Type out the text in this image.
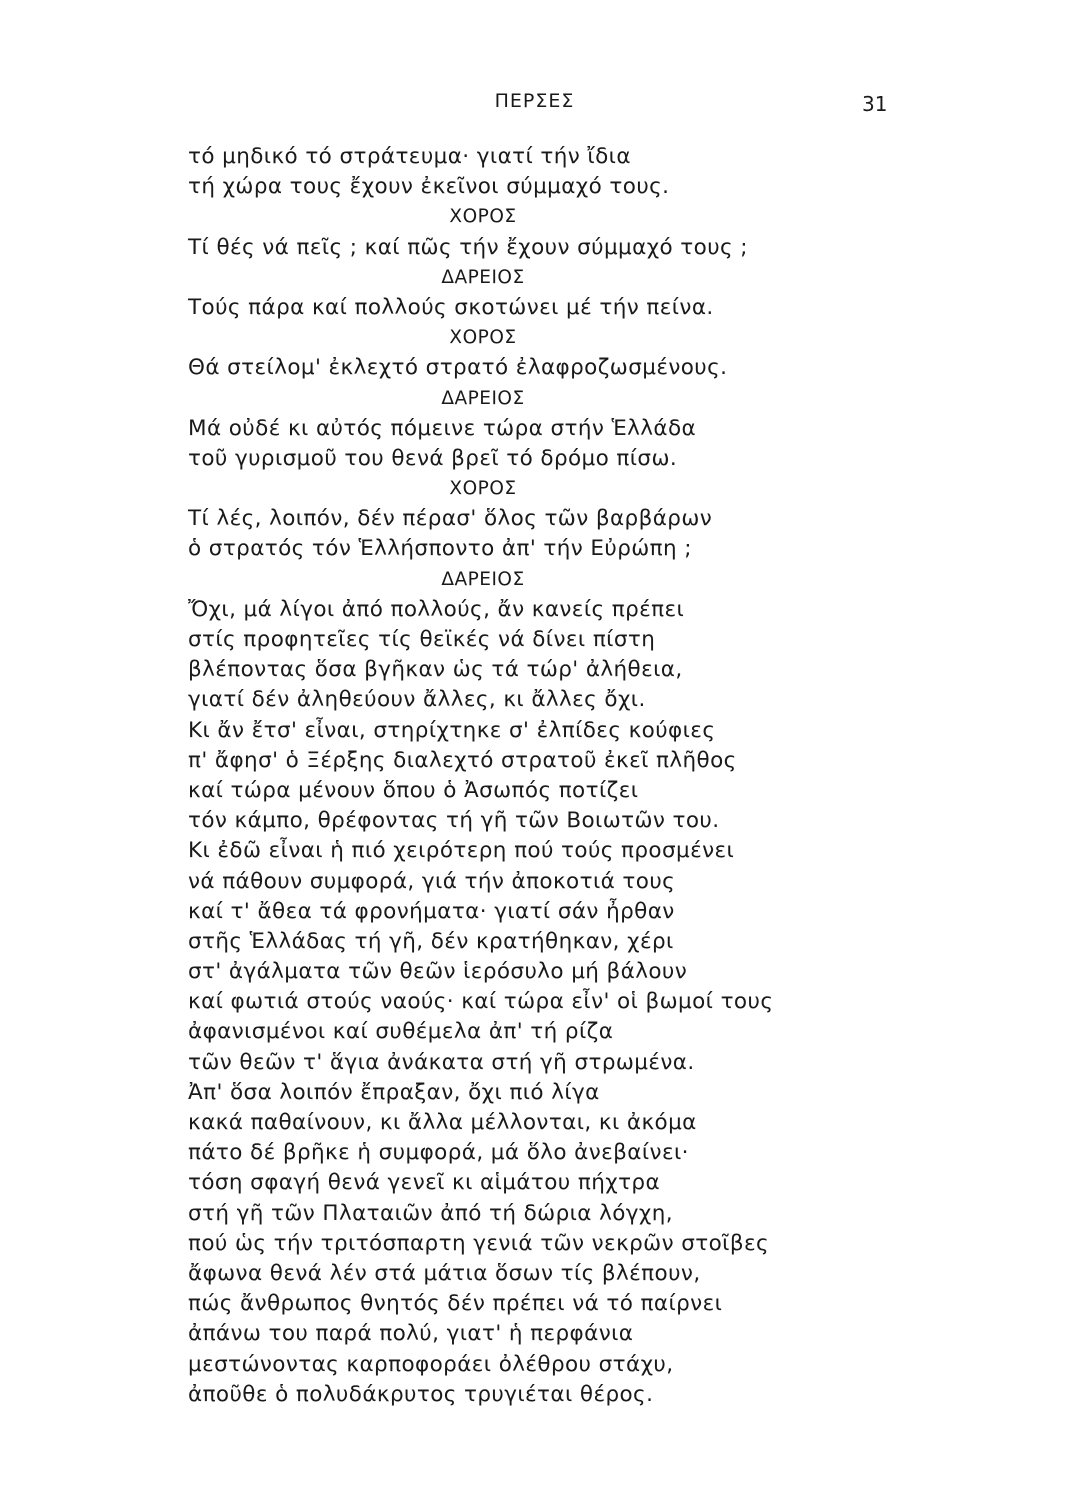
ΠΕΡΣΕΣ	31
τό μηδικό τό στράτευμα· γιατί τήν ἴδια
τή χώρα τους ἔχουν ἐκεῖνοι σύμμαχό τους.
ΧΟΡΟΣ
Τί θές νά πεῖς ; καί πῶς τήν ἔχουν σύμμαχό τους ;
ΔΑΡΕΙΟΣ
Τούς πάρα καί πολλούς σκοτώνει μέ τήν πείνα.
ΧΟΡΟΣ
Θά στείλομ' ἐκλεχτό στρατό ἐλαφροζωσμένους.
ΔΑΡΕΙΟΣ
Μά οὐδέ κι αὐτός πόμεινε τώρα στήν Ἑλλάδα
τοῦ γυρισμοῦ του θενά βρεῖ τό δρόμο πίσω.
ΧΟΡΟΣ
Τί λές, λοιπόν, δέν πέρασ' ὅλος τῶν βαρβάρων
ὁ στρατός τόν Ἑλλήσποντο ἀπ' τήν Εὐρώπη ;
ΔΑΡΕΙΟΣ
Ὄχι, μά λίγοι ἀπό πολλούς, ἄν κανείς πρέπει
στίς προφητεῖες τίς θεϊκές νά δίνει πίστη
βλέποντας ὅσα βγῆκαν ὡς τά τώρ' ἀλήθεια,
γιατί δέν ἀληθεύουν ἄλλες, κι ἄλλες ὄχι.
Κι ἄν ἔτσ' εἶναι, στηρίχτηκε σ' ἐλπίδες κούφιες
π' ἄφησ' ὁ Ξέρξης διαλεχτό στρατοῦ ἐκεῖ πλῆθος
καί τώρα μένουν ὅπου ὁ Ἀσωπός ποτίζει
τόν κάμπο, θρέφοντας τή γῆ τῶν Βοιωτῶν του.
Κι ἐδῶ εἶναι ἡ πιό χειρότερη πού τούς προσμένει
νά πάθουν συμφορά, γιά τήν ἀποκοτιά τους
καί τ' ἄθεα τά φρονήματα· γιατί σάν ἦρθαν
στῆς Ἑλλάδας τή γῆ, δέν κρατήθηκαν, χέρι
στ' ἀγάλματα τῶν θεῶν ἱερόσυλο μή βάλουν
καί φωτιά στούς ναούς· καί τώρα εἶν' οἱ βωμοί τους
ἀφανισμένοι καί συθέμελα ἀπ' τή ρίζα
τῶν θεῶν τ' ἅγια ἀνάκατα στή γῆ στρωμένα.
Ἀπ' ὅσα λοιπόν ἔπραξαν, ὄχι πιό λίγα
κακά παθαίνουν, κι ἄλλα μέλλονται, κι ἀκόμα
πάτο δέ βρῆκε ἡ συμφορά, μά ὅλο ἀνεβαίνει·
τόση σφαγή θενά γενεῖ κι αἱμάτου πήχτρα
στή γῆ τῶν Πλαταιῶν ἀπό τή δώρια λόγχη,
πού ὡς τήν τριτόσπαρτη γενιά τῶν νεκρῶν στοῖβες
ἄφωνα θενά λέν στά μάτια ὅσων τίς βλέπουν,
πώς ἄνθρωπος θνητός δέν πρέπει νά τό παίρνει
ἀπάνω του παρά πολύ, γιατ' ἡ περφάνια
μεστώνοντας καρποφοράει ὀλέθρου στάχυ,
ἀποῦθε ὁ πολυδάκρυτος τρυγιέται θέρος.
